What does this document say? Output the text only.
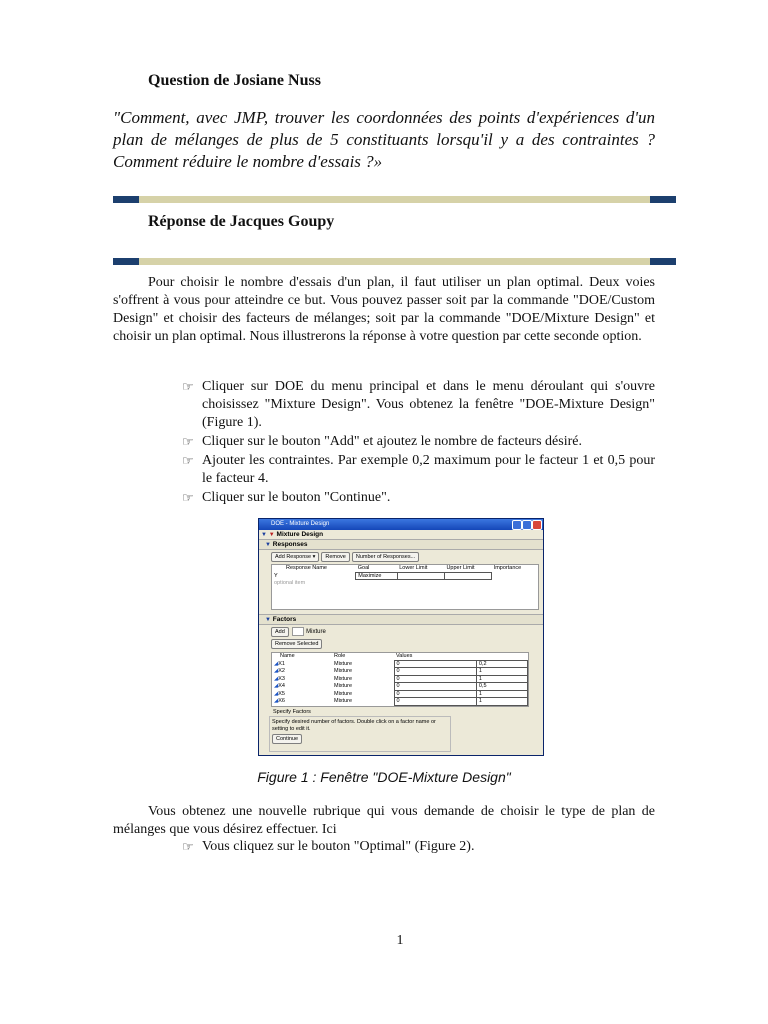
Question de Josiane Nuss
"Comment, avec JMP, trouver les coordonnées des points d'expériences d'un plan de mélanges de plus de 5 constituants lorsqu'il y a des contraintes ? Comment réduire le nombre d'essais ?»
Réponse de Jacques Goupy
Pour choisir le nombre d'essais d'un plan, il faut utiliser un plan optimal. Deux voies s'offrent à vous pour atteindre ce but. Vous pouvez passer soit par la commande "DOE/Custom Design" et choisir des facteurs de mélanges; soit par la commande "DOE/Mixture Design" et choisir un plan optimal. Nous illustrerons la réponse à votre question par cette seconde option.
☞ Cliquer sur DOE du menu principal et dans le menu déroulant qui s'ouvre choisissez "Mixture Design". Vous obtenez la fenêtre "DOE-Mixture Design" (Figure 1).
☞ Cliquer sur le bouton "Add" et ajoutez le nombre de facteurs désiré.
☞ Ajouter les contraintes. Par exemple 0,2 maximum pour le facteur 1 et 0,5 pour le facteur 4.
☞ Cliquer sur le bouton "Continue".
DOE - Mixture Design
▼ ▼ Mixture Design
▼ Responses
Add Response ▾ Remove Number of Responses...
Response Name	Goal	Lower Limit	Upper Limit	Importance
Y	Maximize			
optional item				
▼ Factors
Add	Mixture
Remove Selected
Name	Role	Values	
◢X1	Mixture	0	0,2
◢X2	Mixture	0	1
◢X3	Mixture	0	1
◢X4	Mixture	0	0,5
◢X5	Mixture	0	1
◢X6	Mixture	0	1
Specify Factors
Specify desired number of factors. Double click on a factor name or setting to edit it.
Continue
Figure 1 : Fenêtre "DOE-Mixture Design"
Vous obtenez une nouvelle rubrique qui vous demande de choisir le type de plan de mélanges que vous désirez effectuer. Ici
☞ Vous cliquez sur le bouton "Optimal" (Figure 2).
1
